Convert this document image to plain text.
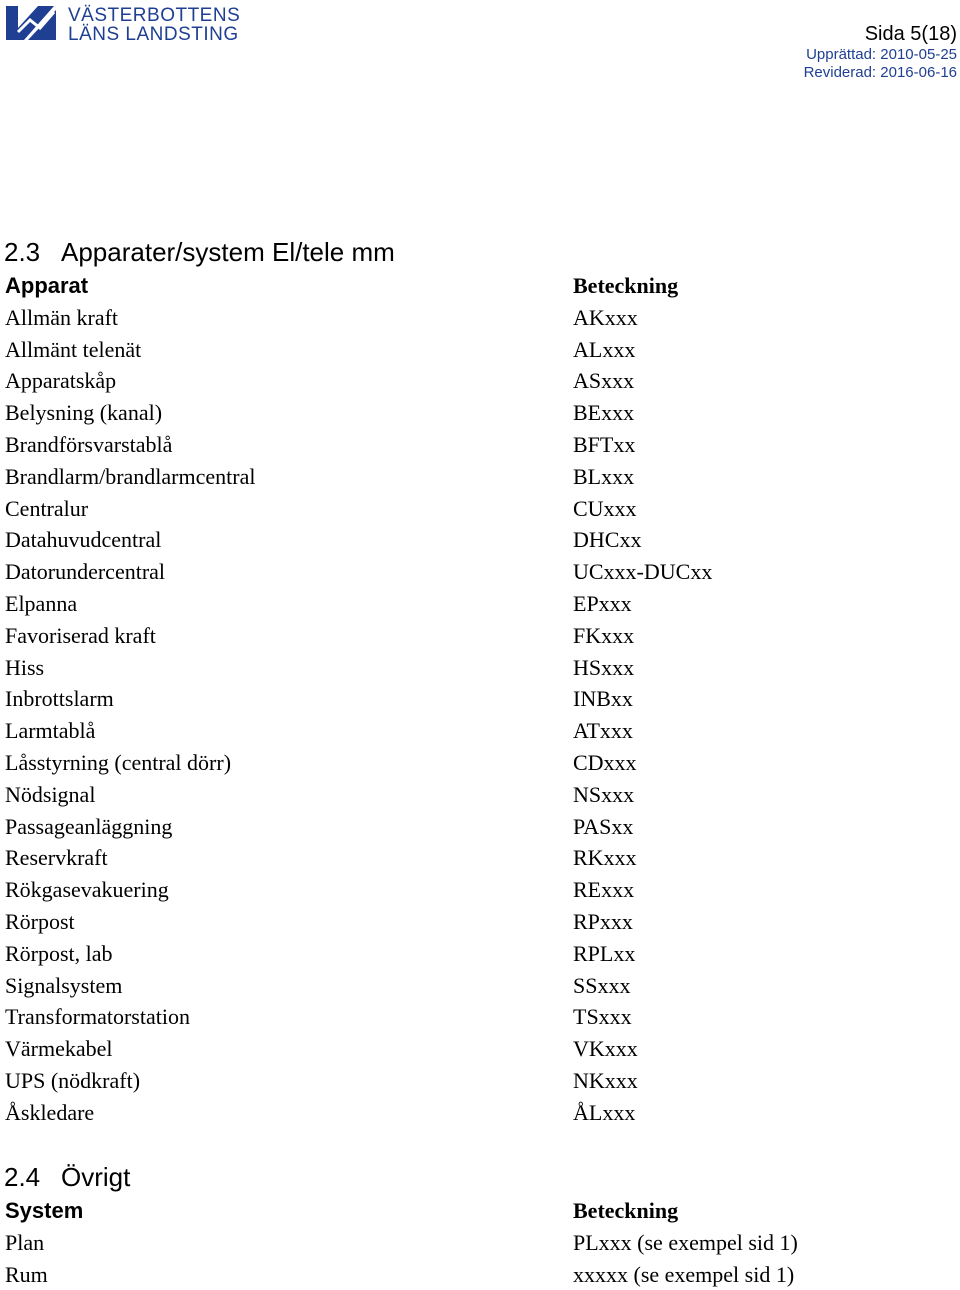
VÄSTERBOTTENS
LÄNS LANDSTING	Sida 5(18)
Upprättad: 2010-05-25
Reviderad: 2016-06-16
2.3 Apparater/system El/tele mm
Apparat	Beteckning
Allmän kraft	AKxxx
Allmänt telenät	ALxxx
Apparatskåp	ASxxx
Belysning (kanal)	BExxx
Brandförsvarstablå	BFTxx
Brandlarm/brandlarmcentral	BLxxx
Centralur	CUxxx
Datahuvudcentral	DHCxx
Datorundercentral	UCxxx-DUCxx
Elpanna	EPxxx
Favoriserad kraft	FKxxx
Hiss	HSxxx
Inbrottslarm	INBxx
Larmtablå	ATxxx
Låsstyrning (central dörr)	CDxxx
Nödsignal	NSxxx
Passageanläggning	PASxx
Reservkraft	RKxxx
Rökgasevakuering	RExxx
Rörpost	RPxxx
Rörpost, lab	RPLxx
Signalsystem	SSxxx
Transformatorstation	TSxxx
Värmekabel	VKxxx
UPS (nödkraft)	NKxxx
Åskledare	ÅLxxx
2.4 Övrigt
System	Beteckning
Plan	PLxxx (se exempel sid 1)
Rum	xxxxx (se exempel sid 1)
